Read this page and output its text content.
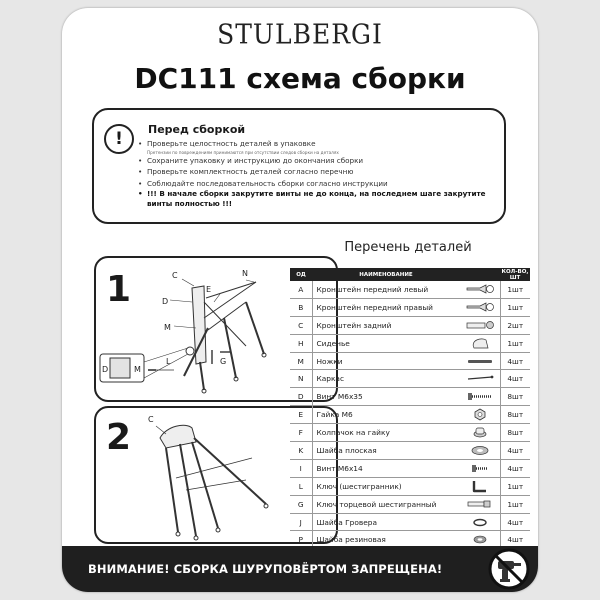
STULBERGI
DC111 схема сборки
!	Перед сборкой
• Проверьте целостность деталей в упаковке
Претензии по повреждениям принимаются при отсутствии следов сборки на деталях
• Сохраните упаковку и инструкцию до окончания сборки
• Проверьте комплектность деталей согласно перечню
• Соблюдайте последовательность сборки согласно инструкции
• !!! В начале сборки закрутите винты не до конца, на последнем шаге закрутите винты полностью !!!
1	C
E
N
D
M
L	G
D	M
2 C
Перечень деталей
ОД	НАИМЕНОВАНИЕ		КОЛ-ВО, ШТ
A	Кронштейн передний левый		1шт
B	Кронштейн передний правый		1шт
C	Кронштейн задний		2шт
H	Сиденье		1шт
M	Ножки		4шт
N	Каркас		4шт
D	Винт М6х35		8шт
E	Гайка М6		8шт
F	Колпачок на гайку		8шт
K	Шайба плоская		4шт
I	Винт М6х14		4шт
L	Ключ (шестигранник)		1шт
G	Ключ торцевой шестигранный		1шт
J	Шайба Гровера		4шт
P	Шайба резиновая		4шт
ВНИМАНИЕ! СБОРКА ШУРУПОВЁРТОМ ЗАПРЕЩЕНА!
